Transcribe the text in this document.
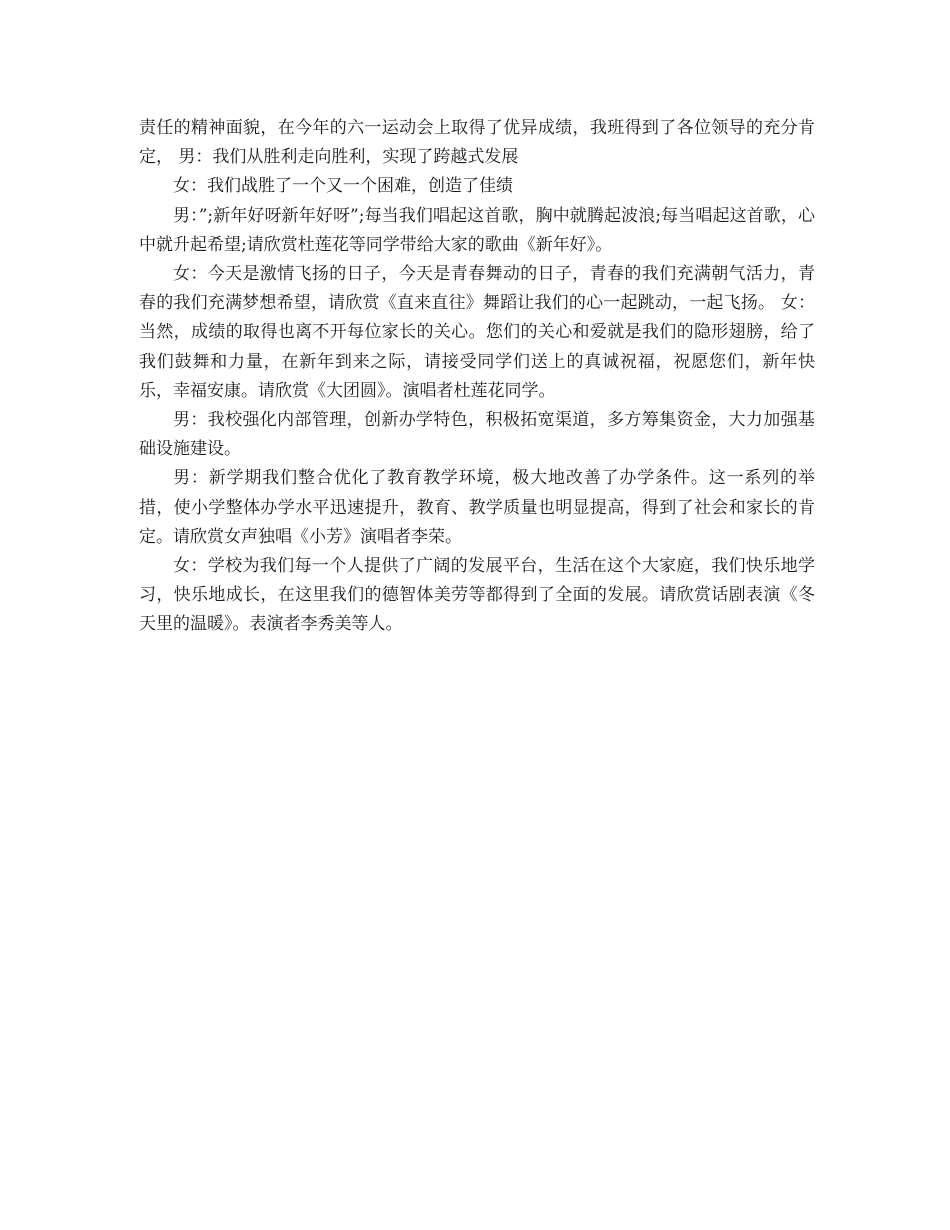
责任的精神面貌，在今年的六一运动会上取得了优异成绩，我班得到了各位领导的充分肯定， 男：我们从胜利走向胜利，实现了跨越式发展

女：我们战胜了一个又一个困难，创造了佳绩

男：”;新年好呀新年好呀”;每当我们唱起这首歌，胸中就腾起波浪;每当唱起这首歌，心中就升起希望;请欣赏杜莲花等同学带给大家的歌曲《新年好》。

女：今天是激情飞扬的日子，今天是青春舞动的日子，青春的我们充满朝气活力，青春的我们充满梦想希望，请欣赏《直来直往》舞蹈让我们的心一起跳动，一起飞扬。 女：当然，成绩的取得也离不开每位家长的关心。您们的关心和爱就是我们的隐形翅膀，给了我们鼓舞和力量，在新年到来之际，请接受同学们送上的真诚祝福，祝愿您们，新年快乐，幸福安康。请欣赏《大团圆》。演唱者杜莲花同学。

男：我校强化内部管理，创新办学特色，积极拓宽渠道，多方筹集资金，大力加强基础设施建设。

男：新学期我们整合优化了教育教学环境，极大地改善了办学条件。这一系列的举措，使小学整体办学水平迅速提升，教育、教学质量也明显提高，得到了社会和家长的肯定。请欣赏女声独唱《小芳》演唱者李荣。

女：学校为我们每一个人提供了广阔的发展平台，生活在这个大家庭，我们快乐地学习，快乐地成长，在这里我们的德智体美劳等都得到了全面的发展。请欣赏话剧表演《冬天里的温暖》。表演者李秀美等人。
